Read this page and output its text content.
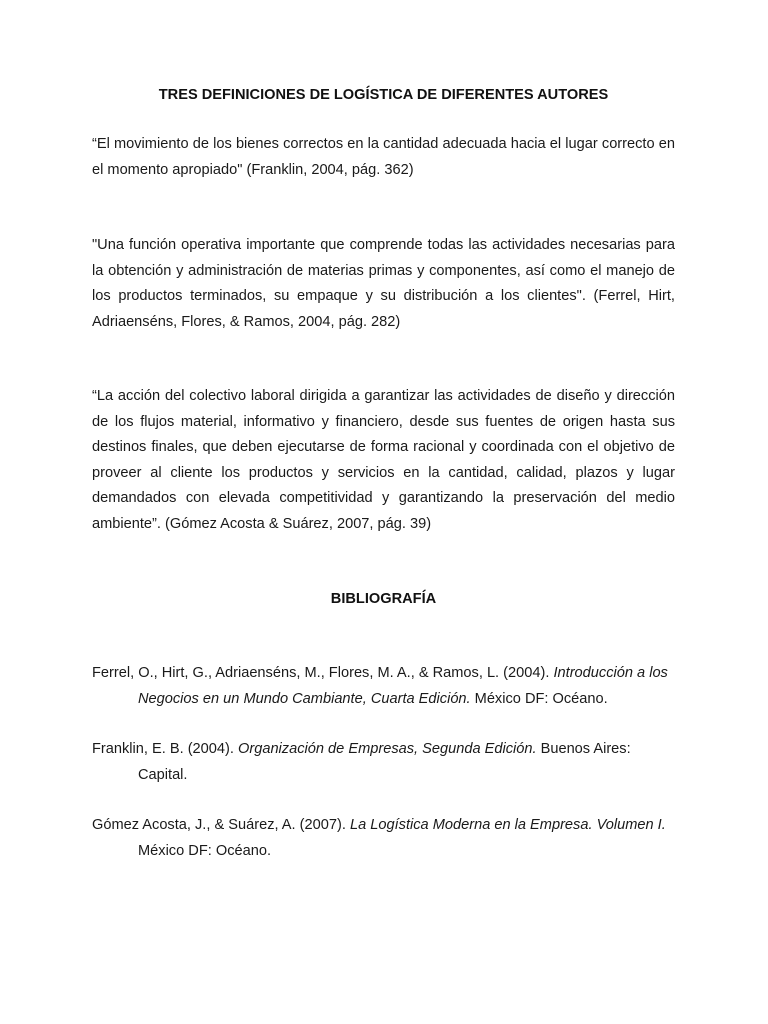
TRES DEFINICIONES DE LOGÍSTICA DE DIFERENTES AUTORES

“El movimiento de los bienes correctos en la cantidad adecuada hacia el lugar correcto en el momento apropiado" (Franklin, 2004, pág. 362)

"Una función operativa importante que comprende todas las actividades necesarias para la obtención y administración de materias primas y componentes, así como el manejo de los productos terminados, su empaque y su distribución a los clientes". (Ferrel, Hirt, Adriaenséns, Flores, & Ramos, 2004, pág. 282)

“La acción del colectivo laboral dirigida a garantizar las actividades de diseño y dirección de los flujos material, informativo y financiero, desde sus fuentes de origen hasta sus destinos finales, que deben ejecutarse de forma racional y coordinada con el objetivo de proveer al cliente los productos y servicios en la cantidad, calidad, plazos y lugar demandados con elevada competitividad y garantizando la preservación del medio ambiente”. (Gómez Acosta & Suárez, 2007, pág. 39)

BIBLIOGRAFÍA

Ferrel, O., Hirt, G., Adriaenséns, M., Flores, M. A., & Ramos, L. (2004). Introducción a los Negocios en un Mundo Cambiante, Cuarta Edición. México DF: Océano.

Franklin, E. B. (2004). Organización de Empresas, Segunda Edición. Buenos Aires: Capital.

Gómez Acosta, J., & Suárez, A. (2007). La Logística Moderna en la Empresa. Volumen I. México DF: Océano.
